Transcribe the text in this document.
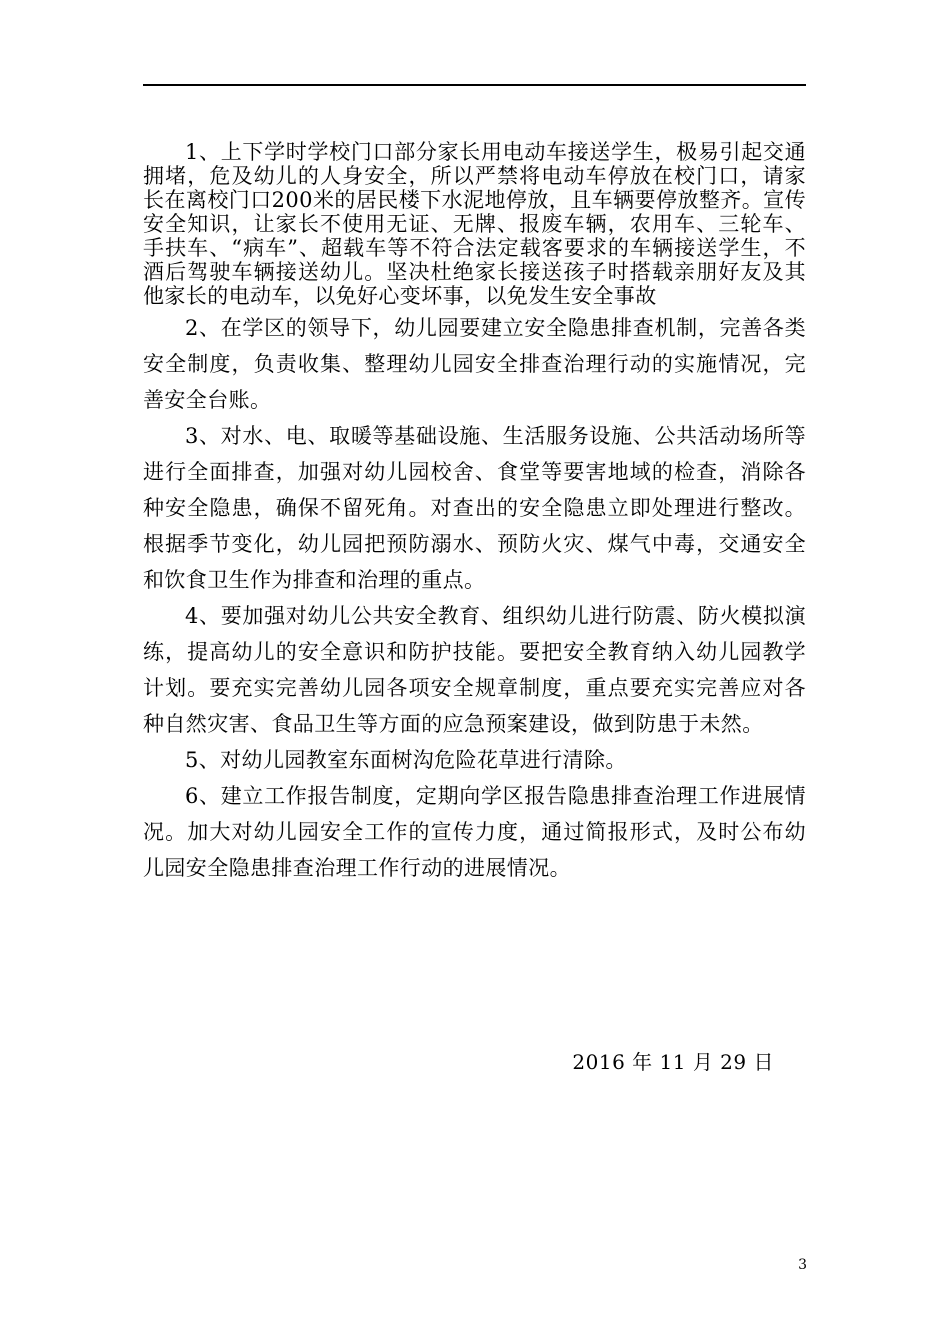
1、上下学时学校门口部分家长用电动车接送学生，极易引起交通拥堵，危及幼儿的人身安全，所以严禁将电动车停放在校门口，请家长在离校门口200米的居民楼下水泥地停放，且车辆要停放整齐。宣传安全知识，让家长不使用无证、无牌、报废车辆，农用车、三轮车、手扶车、“病车”、超载车等不符合法定载客要求的车辆接送学生，不酒后驾驶车辆接送幼儿。坚决杜绝家长接送孩子时搭载亲朋好友及其他家长的电动车，以免好心变坏事，以免发生安全事故

2、在学区的领导下，幼儿园要建立安全隐患排查机制，完善各类安全制度，负责收集、整理幼儿园安全排查治理行动的实施情况，完善安全台账。

3、对水、电、取暖等基础设施、生活服务设施、公共活动场所等进行全面排查，加强对幼儿园校舍、食堂等要害地域的检查，消除各种安全隐患，确保不留死角。对查出的安全隐患立即处理进行整改。根据季节变化，幼儿园把预防溺水、预防火灾、煤气中毒，交通安全和饮食卫生作为排查和治理的重点。

4、要加强对幼儿公共安全教育、组织幼儿进行防震、防火模拟演练，提高幼儿的安全意识和防护技能。要把安全教育纳入幼儿园教学计划。要充实完善幼儿园各项安全规章制度，重点要充实完善应对各种自然灾害、食品卫生等方面的应急预案建设，做到防患于未然。

5、对幼儿园教室东面树沟危险花草进行清除。

6、建立工作报告制度，定期向学区报告隐患排查治理工作进展情况。加大对幼儿园安全工作的宣传力度，通过简报形式，及时公布幼儿园安全隐患排查治理工作行动的进展情况。

2016 年 11 月 29 日
3
